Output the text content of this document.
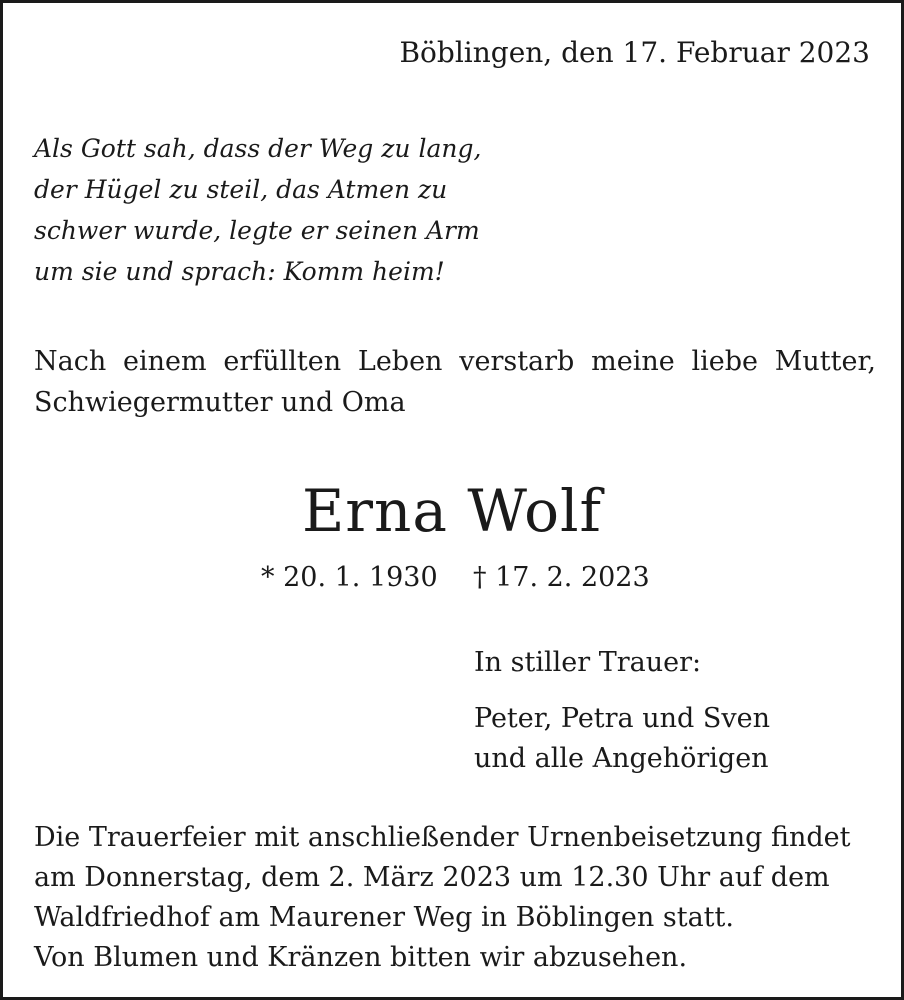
Böblingen, den 17. Februar 2023
Als Gott sah, dass der Weg zu lang,
der Hügel zu steil, das Atmen zu
schwer wurde, legte er seinen Arm
um sie und sprach: Komm heim!
Nach einem erfüllten Leben verstarb meine liebe Mutter,
Schwiegermutter und Oma
Erna Wolf
* 20. 1. 1930 † 17. 2. 2023
In stiller Trauer:
Peter, Petra und Sven
und alle Angehörigen
Die Trauerfeier mit anschließender Urnenbeisetzung findet
am Donnerstag, dem 2. März 2023 um 12.30 Uhr auf dem
Waldfriedhof am Maurener Weg in Böblingen statt.
Von Blumen und Kränzen bitten wir abzusehen.
